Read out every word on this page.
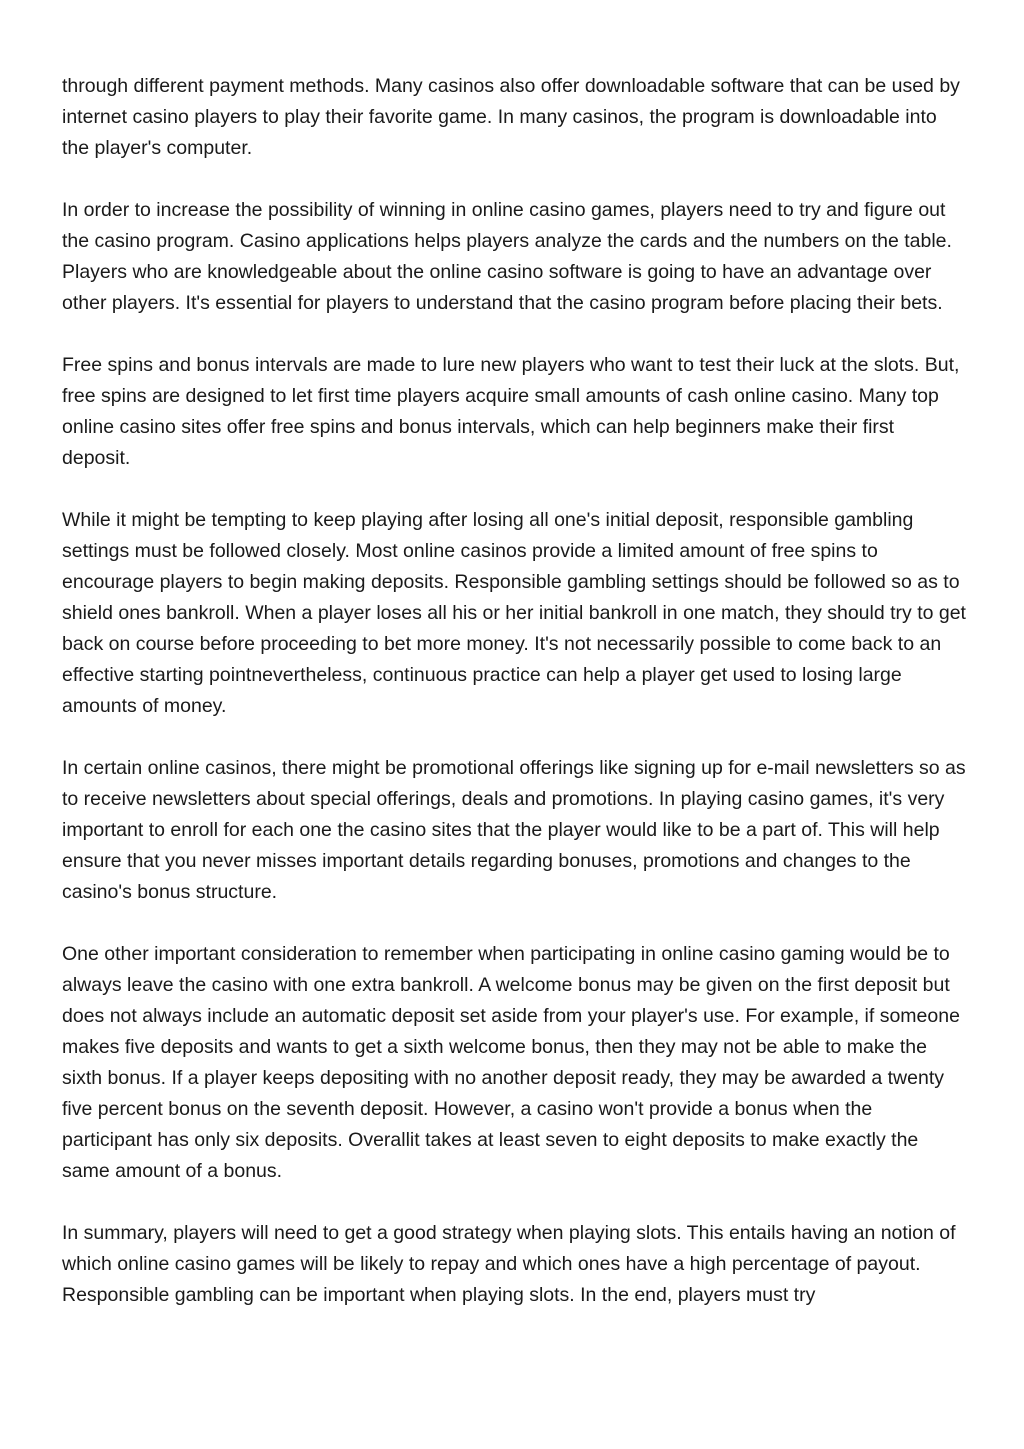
through different payment methods. Many casinos also offer downloadable software that can be used by internet casino players to play their favorite game. In many casinos, the program is downloadable into the player's computer.

In order to increase the possibility of winning in online casino games, players need to try and figure out the casino program. Casino applications helps players analyze the cards and the numbers on the table. Players who are knowledgeable about the online casino software is going to have an advantage over other players. It's essential for players to understand that the casino program before placing their bets.

Free spins and bonus intervals are made to lure new players who want to test their luck at the slots. But, free spins are designed to let first time players acquire small amounts of cash online casino. Many top online casino sites offer free spins and bonus intervals, which can help beginners make their first deposit.

While it might be tempting to keep playing after losing all one's initial deposit, responsible gambling settings must be followed closely. Most online casinos provide a limited amount of free spins to encourage players to begin making deposits. Responsible gambling settings should be followed so as to shield ones bankroll. When a player loses all his or her initial bankroll in one match, they should try to get back on course before proceeding to bet more money. It's not necessarily possible to come back to an effective starting pointnevertheless, continuous practice can help a player get used to losing large amounts of money.

In certain online casinos, there might be promotional offerings like signing up for e-mail newsletters so as to receive newsletters about special offerings, deals and promotions. In playing casino games, it's very important to enroll for each one the casino sites that the player would like to be a part of. This will help ensure that you never misses important details regarding bonuses, promotions and changes to the casino's bonus structure.

One other important consideration to remember when participating in online casino gaming would be to always leave the casino with one extra bankroll. A welcome bonus may be given on the first deposit but does not always include an automatic deposit set aside from your player's use. For example, if someone makes five deposits and wants to get a sixth welcome bonus, then they may not be able to make the sixth bonus. If a player keeps depositing with no another deposit ready, they may be awarded a twenty five percent bonus on the seventh deposit. However, a casino won't provide a bonus when the participant has only six deposits. Overallit takes at least seven to eight deposits to make exactly the same amount of a bonus.

In summary, players will need to get a good strategy when playing slots. This entails having an notion of which online casino games will be likely to repay and which ones have a high percentage of payout. Responsible gambling can be important when playing slots. In the end, players must try
